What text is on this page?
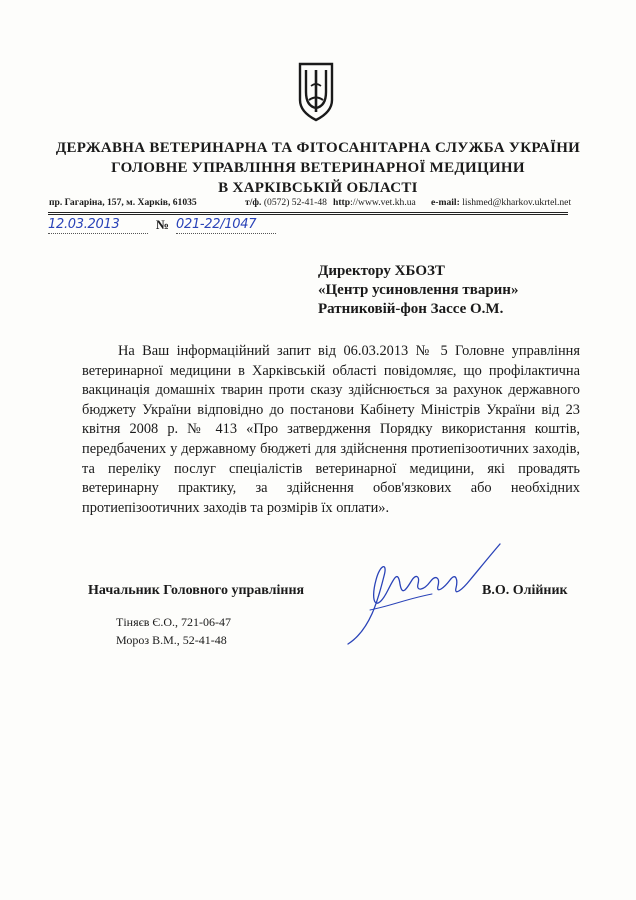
ДЕРЖАВНА ВЕТЕРИНАРНА ТА ФІТОСАНІТАРНА СЛУЖБА УКРАЇНИ
ГОЛОВНЕ УПРАВЛІННЯ ВЕТЕРИНАРНОЇ МЕДИЦИНИ
В ХАРКІВСЬКІЙ ОБЛАСТІ
пр. Гагаріна, 157, м. Харків, 61035	т/ф. (0572) 52-41-48 http://www.vet.kh.ua e-mail: lishmed@kharkov.ukrtel.net
12.03.2013	№ 021-22/1047
Директору ХБОЗТ
«Центр усиновлення тварин»
Ратниковій-фон Зассе О.М.

На Ваш інформаційний запит від 06.03.2013 № 5 Головне управління ветеринарної медицини в Харківській області повідомляє, що профілактична вакцинація домашніх тварин проти сказу здійснюється за рахунок державного бюджету України відповідно до постанови Кабінету Міністрів України від 23 квітня 2008 р. № 413 «Про затвердження Порядку використання коштів, передбачених у державному бюджеті для здійснення протиепізоотичних заходів, та переліку послуг спеціалістів ветеринарної медицини, які провадять ветеринарну практику, за здійснення обов'язкових або необхідних протиепізоотичних заходів та розмірів їх оплати».

Начальник Головного управління	В.О. Олійник
Тіняєв Є.О., 721-06-47
Мороз В.М., 52-41-48
